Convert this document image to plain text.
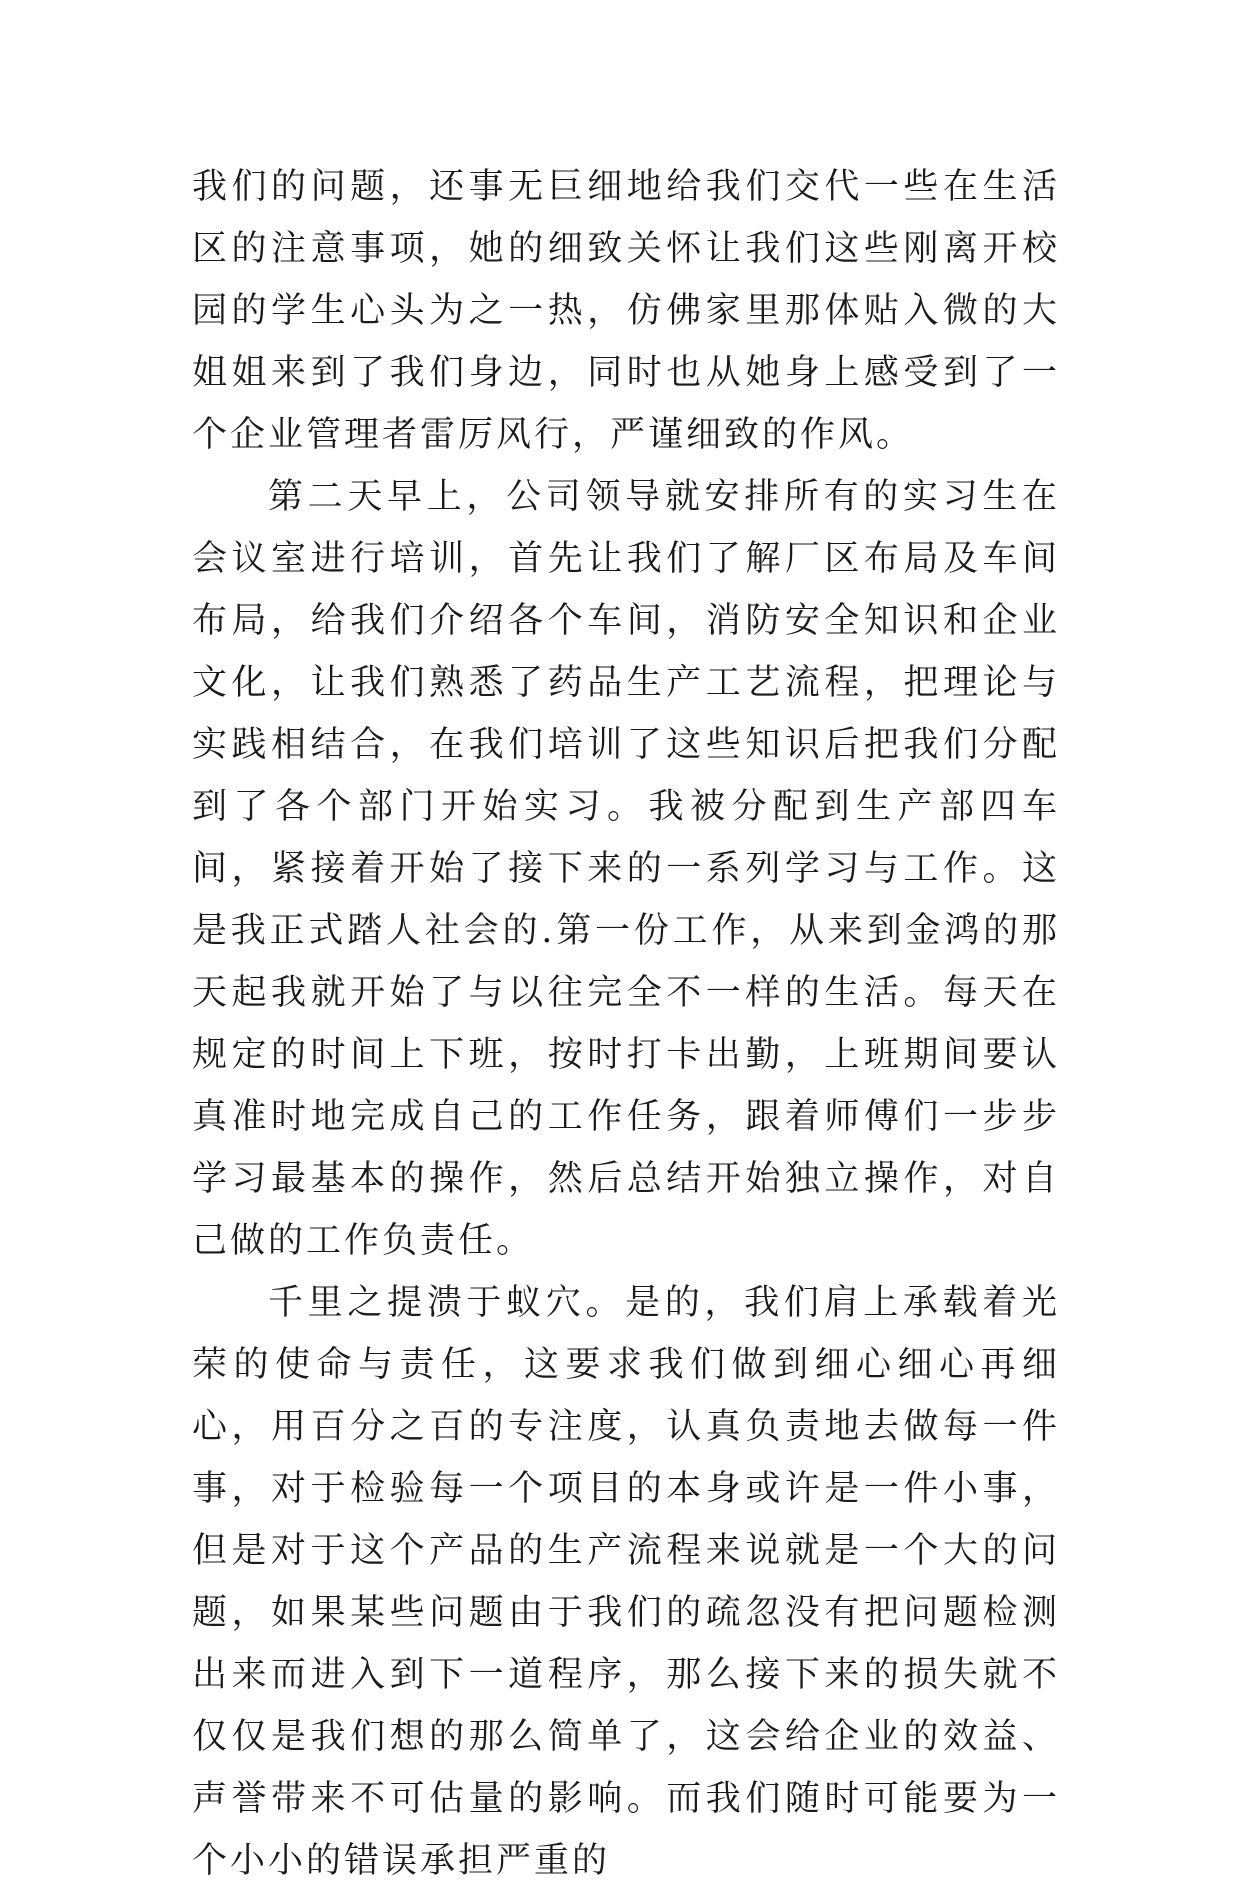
我们的问题，还事无巨细地给我们交代一些在生活区的注意事项，她的细致关怀让我们这些刚离开校园的学生心头为之一热，仿佛家里那体贴入微的大姐姐来到了我们身边，同时也从她身上感受到了一个企业管理者雷厉风行，严谨细致的作风。

第二天早上，公司领导就安排所有的实习生在会议室进行培训，首先让我们了解厂区布局及车间布局，给我们介绍各个车间，消防安全知识和企业文化，让我们熟悉了药品生产工艺流程，把理论与实践相结合，在我们培训了这些知识后把我们分配到了各个部门开始实习。我被分配到生产部四车间，紧接着开始了接下来的一系列学习与工作。这是我正式踏人社会的.第一份工作，从来到金鸿的那天起我就开始了与以往完全不一样的生活。每天在规定的时间上下班，按时打卡出勤，上班期间要认真准时地完成自己的工作任务，跟着师傅们一步步学习最基本的操作，然后总结开始独立操作，对自己做的工作负责任。

千里之提溃于蚁穴。是的，我们肩上承载着光荣的使命与责任，这要求我们做到细心细心再细心，用百分之百的专注度，认真负责地去做每一件事，对于检验每一个项目的本身或许是一件小事，但是对于这个产品的生产流程来说就是一个大的问题，如果某些问题由于我们的疏忽没有把问题检测出来而进入到下一道程序，那么接下来的损失就不仅仅是我们想的那么简单了，这会给企业的效益、声誉带来不可估量的影响。而我们随时可能要为一个小小的错误承担严重的
